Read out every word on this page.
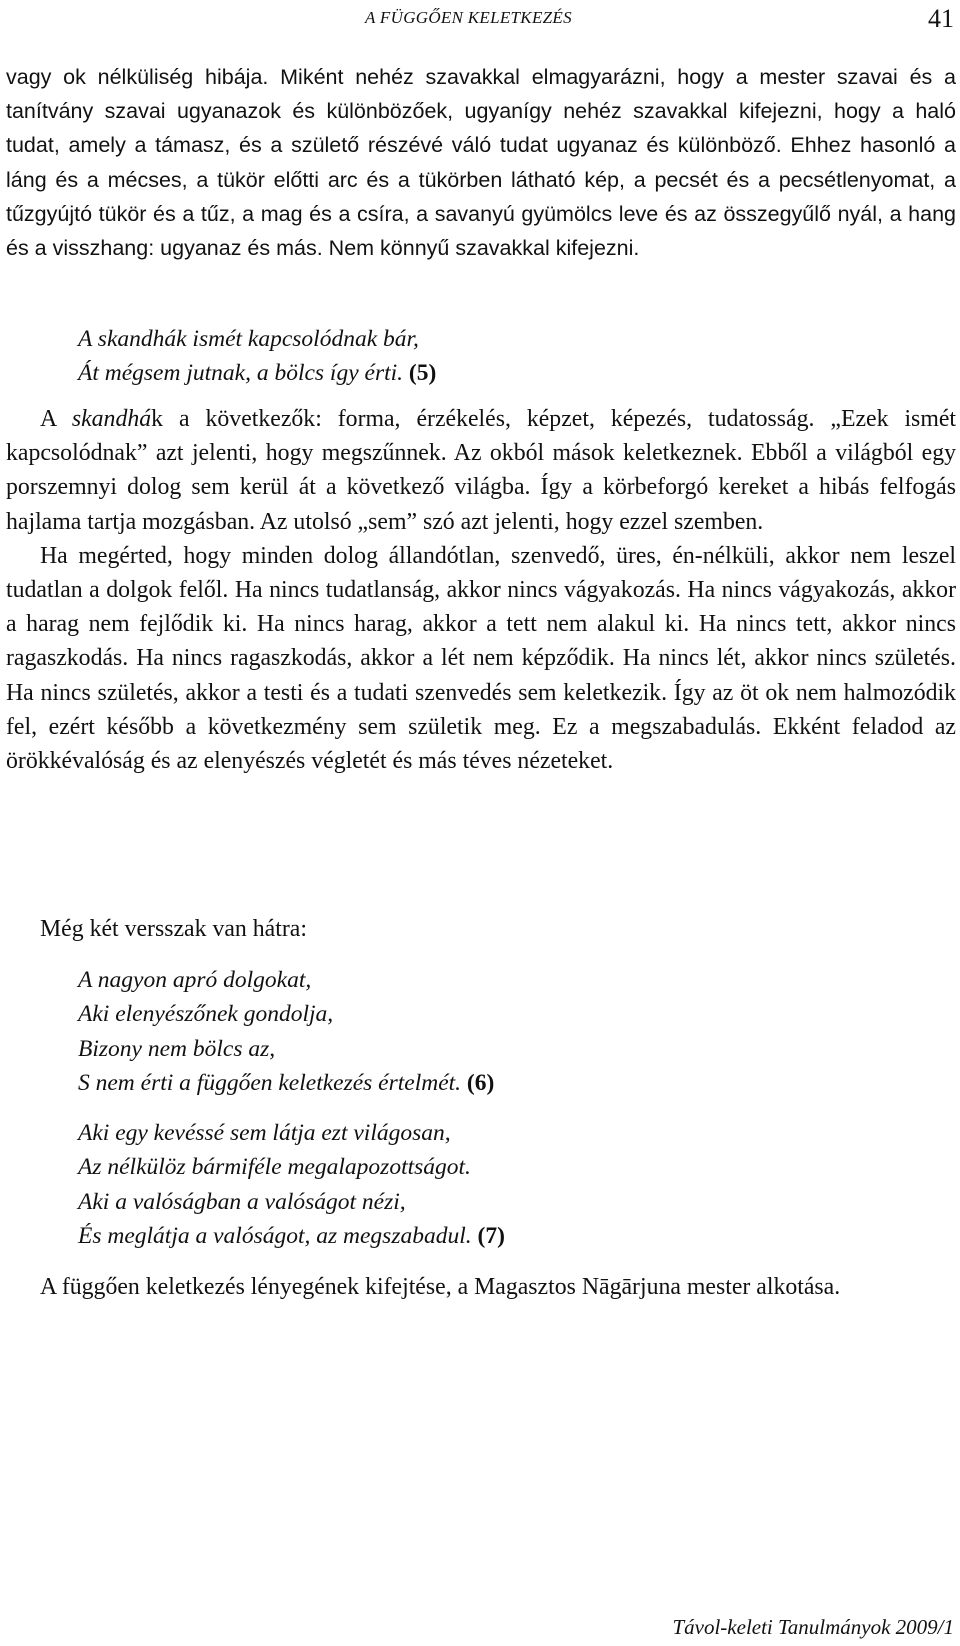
A FÜGGŐEN KELETKEZÉS	41

vagy ok nélküliség hibája. Miként nehéz szavakkal elmagyarázni, hogy a mester szavai és a tanítvány szavai ugyanazok és különbözőek, ugyanígy nehéz szavakkal kifejezni, hogy a haló tudat, amely a támasz, és a születő részévé váló tudat ugyanaz és különböző. Ehhez hasonló a láng és a mécses, a tükör előtti arc és a tükörben látható kép, a pecsét és a pecsétlenyomat, a tűzgyújtó tükör és a tűz, a mag és a csíra, a savanyú gyümölcs leve és az összegyűlő nyál, a hang és a visszhang: ugyanaz és más. Nem könnyű szavakkal kifejezni.

A skandhák ismét kapcsolódnak bár,
Át mégsem jutnak, a bölcs így érti. (5)

A skandhák a következők: forma, érzékelés, képzet, képezés, tudatosság. „Ezek ismét kapcsolódnak” azt jelenti, hogy megszűnnek. Az okból mások keletkeznek. Ebből a világból egy porszemnyi dolog sem kerül át a következő világba. Így a körbeforgó kereket a hibás felfogás hajlama tartja mozgásban. Az utolsó „sem” szó azt jelenti, hogy ezzel szemben.

Ha megérted, hogy minden dolog állandótlan, szenvedő, üres, én-nélküli, akkor nem leszel tudatlan a dolgok felől. Ha nincs tudatlanság, akkor nincs vágyakozás. Ha nincs vágyakozás, akkor a harag nem fejlődik ki. Ha nincs harag, akkor a tett nem alakul ki. Ha nincs tett, akkor nincs ragaszkodás. Ha nincs ragaszkodás, akkor a lét nem képződik. Ha nincs lét, akkor nincs születés. Ha nincs születés, akkor a testi és a tudati szenvedés sem keletkezik. Így az öt ok nem halmozódik fel, ezért később a következmény sem születik meg. Ez a megszabadulás. Ekként feladod az örökkévalóság és az elenyészés végletét és más téves nézeteket.

Még két versszak van hátra:

A nagyon apró dolgokat,
Aki elenyészőnek gondolja,
Bizony nem bölcs az,
S nem érti a függően keletkezés értelmét. (6)
Aki egy kevéssé sem látja ezt világosan,
Az nélkülöz bármiféle megalapozottságot.
Aki a valóságban a valóságot nézi,
És meglátja a valóságot, az megszabadul. (7)

A függően keletkezés lényegének kifejtése, a Magasztos Nāgārjuna mester alkotása.

Távol-keleti Tanulmányok 2009/1
